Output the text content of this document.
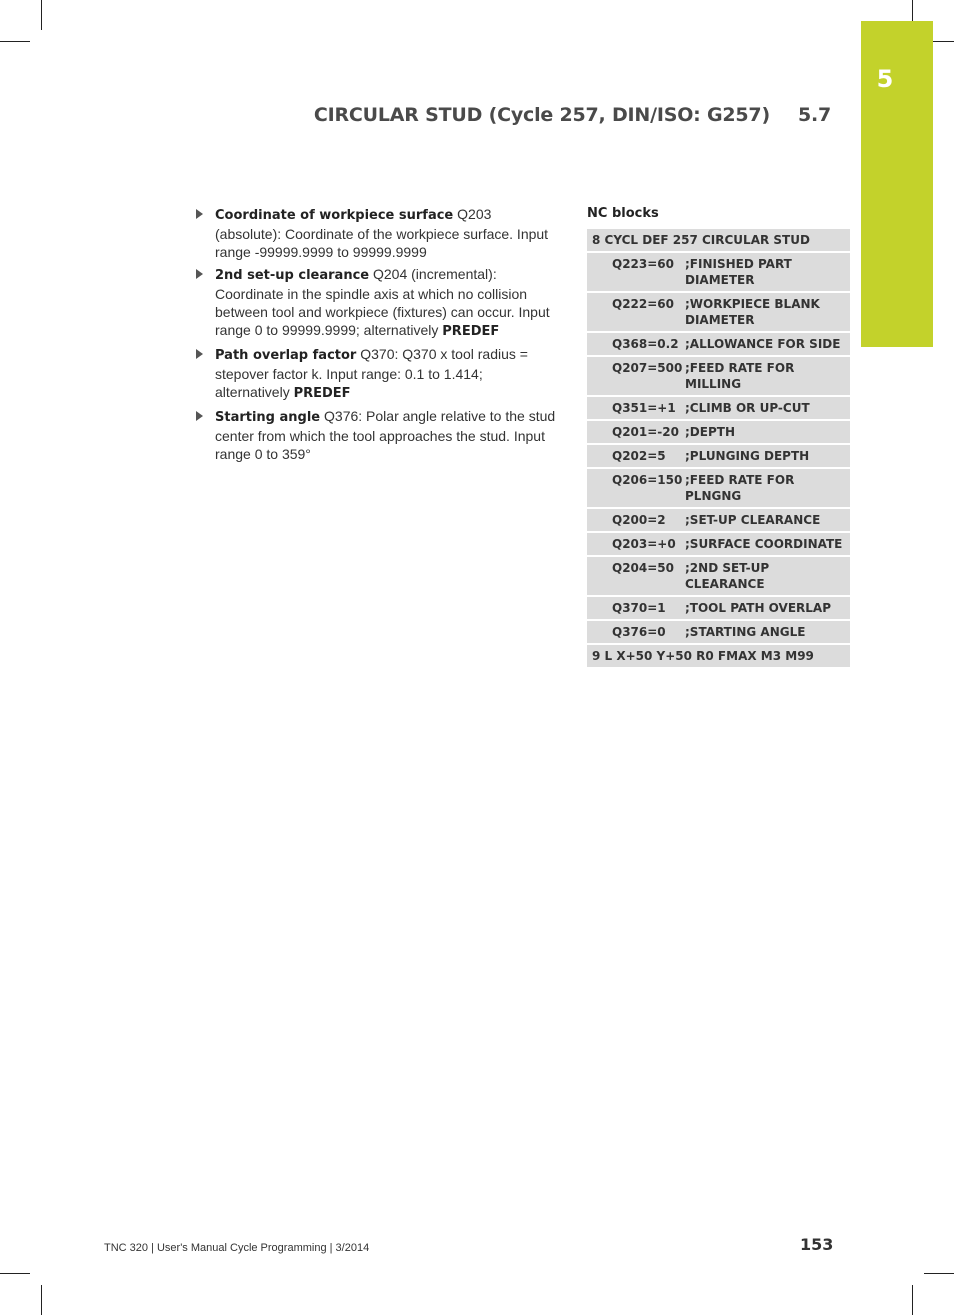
5
CIRCULAR STUD (Cycle 257, DIN/ISO: G257) 5.7
Coordinate of workpiece surface Q203 (absolute): Coordinate of the workpiece surface. Input range -99999.9999 to 99999.9999
2nd set-up clearance Q204 (incremental): Coordinate in the spindle axis at which no collision between tool and workpiece (fixtures) can occur. Input range 0 to 99999.9999; alternatively PREDEF
Path overlap factor Q370: Q370 x tool radius = stepover factor k. Input range: 0.1 to 1.414; alternatively PREDEF
Starting angle Q376: Polar angle relative to the stud center from which the tool approaches the stud. Input range 0 to 359°
NC blocks
8 CYCL DEF 257 CIRCULAR STUD
Q223=60 ;FINISHED PART DIAMETER
Q222=60 ;WORKPIECE BLANK DIAMETER
Q368=0.2 ;ALLOWANCE FOR SIDE
Q207=500 ;FEED RATE FOR MILLING
Q351=+1 ;CLIMB OR UP-CUT
Q201=-20 ;DEPTH
Q202=5	;PLUNGING DEPTH
Q206=150 ;FEED RATE FOR PLNGNG
Q200=2	;SET-UP CLEARANCE
Q203=+0 ;SURFACE COORDINATE
Q204=50 ;2ND SET-UP CLEARANCE
Q370=1	;TOOL PATH OVERLAP
Q376=0	;STARTING ANGLE
9 L X+50 Y+50 R0 FMAX M3 M99
TNC 320 | User's Manual Cycle Programming | 3/2014	153
